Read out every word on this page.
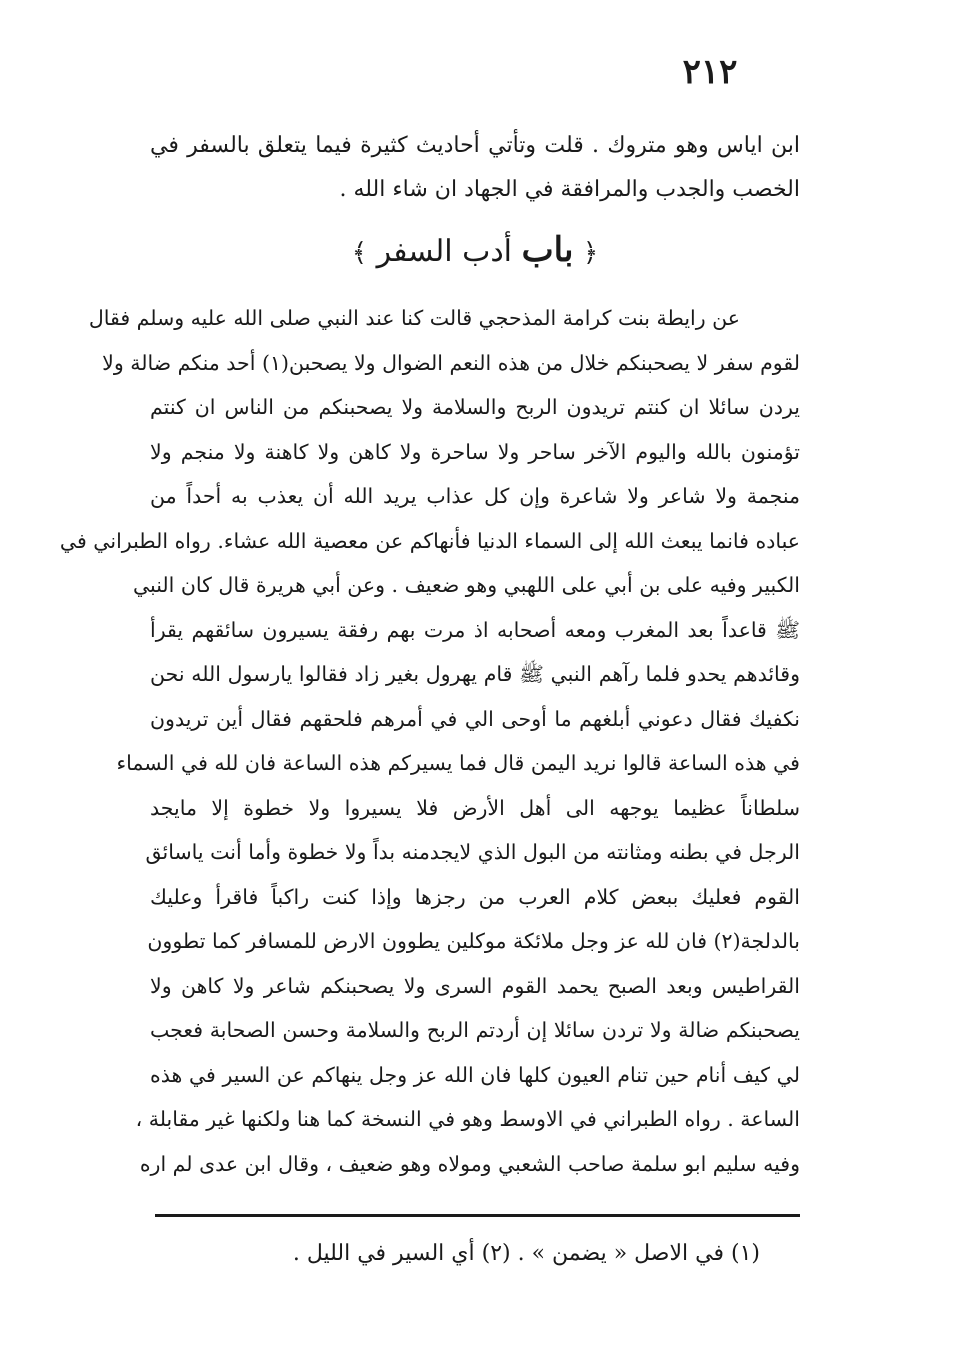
٢١٢
ابن اياس وهو متروك . قلت وتأتي أحاديث كثيرة فيما يتعلق بالسفر في الخصب والجدب والمرافقة في الجهاد ان شاء الله .
﴿ باب أدب السفر ﴾
عن رايطة بنت كرامة المذحجي قالت كنا عند النبي صلى الله عليه وسلم فقال
لقوم سفر لا يصحبنكم خلال من هذه النعم الضوال ولا يصحبن(١) أحد منكم ضالة ولا
يردن سائلا ان كنتم تريدون الربح والسلامة ولا يصحبنكم من الناس ان كنتم
تؤمنون بالله واليوم الآخر ساحر ولا ساحرة ولا كاهن ولا كاهنة ولا منجم ولا
منجمة ولا شاعر ولا شاعرة وإن كل عذاب يريد الله أن يعذب به أحداً من
عباده فانما يبعث الله إلى السماء الدنيا فأنهاكم عن معصية الله عشاء. رواه الطبراني في
الكبير وفيه على بن أبي على اللهبي وهو ضعيف . وعن أبي هريرة قال كان النبي
ﷺ قاعداً بعد المغرب ومعه أصحابه اذ مرت بهم رفقة يسيرون سائقهم يقرأ
وقائدهم يحدو فلما رآهم النبي ﷺ قام يهرول بغير زاد فقالوا يارسول الله نحن
نكفيك فقال دعوني أبلغهم ما أوحى الي في أمرهم فلحقهم فقال أين تريدون
في هذه الساعة قالوا نريد اليمن قال فما يسيركم هذه الساعة فان لله في السماء
سلطاناً عظيما يوجهه الى أهل الأرض فلا يسيروا ولا خطوة إلا مايجد
الرجل في بطنه ومثانته من البول الذي لايجدمنه بداً ولا خطوة وأما أنت ياسائق
القوم فعليك ببعض كلام العرب من رجزها وإذا كنت راكباً فاقرأ وعليك
بالدلجة(٢) فان لله عز وجل ملائكة موكلين يطوون الارض للمسافر كما تطوون
القراطيس وبعد الصبح يحمد القوم السرى ولا يصحبنكم شاعر ولا كاهن ولا
يصحبنكم ضالة ولا تردن سائلا إن أردتم الربح والسلامة وحسن الصحابة فعجب
لي كيف أنام حين تنام العيون كلها فان الله عز وجل ينهاكم عن السير في هذه
الساعة . رواه الطبراني في الاوسط وهو في النسخة كما هنا ولكنها غير مقابلة ،
وفيه سليم ابو سلمة صاحب الشعبي ومولاه وهو ضعيف ، وقال ابن عدى لم اره
(١) في الاصل « يضمن » . (٢) أي السير في الليل .
